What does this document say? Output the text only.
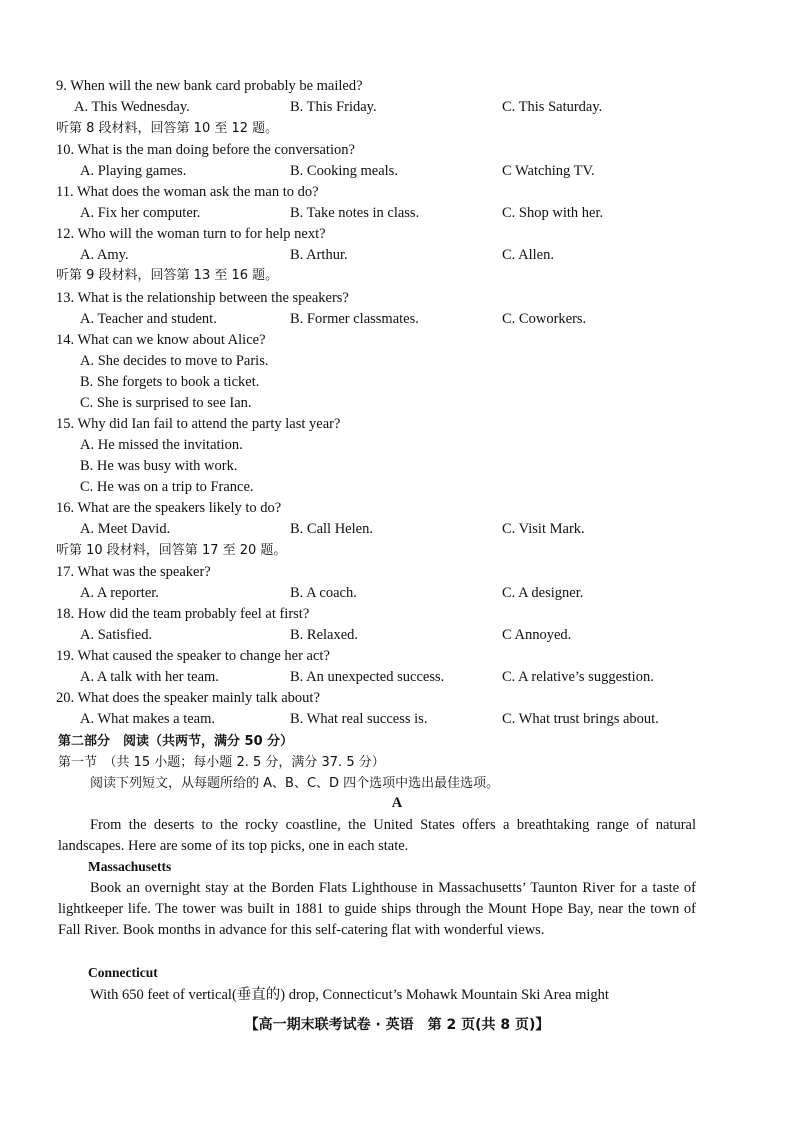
9. When will the new bank card probably be mailed?
A. This Wednesday.	B. This Friday.	C. This Saturday.
听第 8 段材料，回答第 10 至 12 题。
10. What is the man doing before the conversation?
A. Playing games.	B. Cooking meals.	C Watching TV.
11. What does the woman ask the man to do?
A. Fix her computer.	B. Take notes in class.	C. Shop with her.
12. Who will the woman turn to for help next?
A. Amy.	B. Arthur.	C. Allen.
听第 9 段材料，回答第 13 至 16 题。
13. What is the relationship between the speakers?
A. Teacher and student.	B. Former classmates.	C. Coworkers.
14. What can we know about Alice?
A. She decides to move to Paris.
B. She forgets to book a ticket.
C. She is surprised to see Ian.
15. Why did Ian fail to attend the party last year?
A. He missed the invitation.
B. He was busy with work.
C. He was on a trip to France.
16. What are the speakers likely to do?
A. Meet David.	B. Call Helen.	C. Visit Mark.
听第 10 段材料，回答第 17 至 20 题。
17. What was the speaker?
A. A reporter.	B. A coach.	C. A designer.
18. How did the team probably feel at first?
A. Satisfied.	B. Relaxed.	C Annoyed.
19. What caused the speaker to change her act?
A. A talk with her team.	B. An unexpected success.	C. A relative’s suggestion.
20. What does the speaker mainly talk about?
A. What makes a team.	B. What real success is.	C. What trust brings about.
第二部分　阅读（共两节，满分 50 分）
第一节　（共 15 小题；每小题 2. 5 分，满分 37. 5 分）
阅读下列短文，从每题所给的 A、B、C、D 四个选项中选出最佳选项。
A
From the deserts to the rocky coastline, the United States offers a breathtaking range of natural landscapes. Here are some of its top picks, one in each state.
Massachusetts
Book an overnight stay at the Borden Flats Lighthouse in Massachusetts’ Taunton River for a taste of lightkeeper life. The tower was built in 1881 to guide ships through the Mount Hope Bay, near the town of Fall River. Book months in advance for this self-catering flat with wonderful views.
Connecticut
With 650 feet of vertical(垂直的) drop, Connecticut’s Mohawk Mountain Ski Area might
【高一期末联考试卷 · 英语　第 2 页(共 8 页)】
